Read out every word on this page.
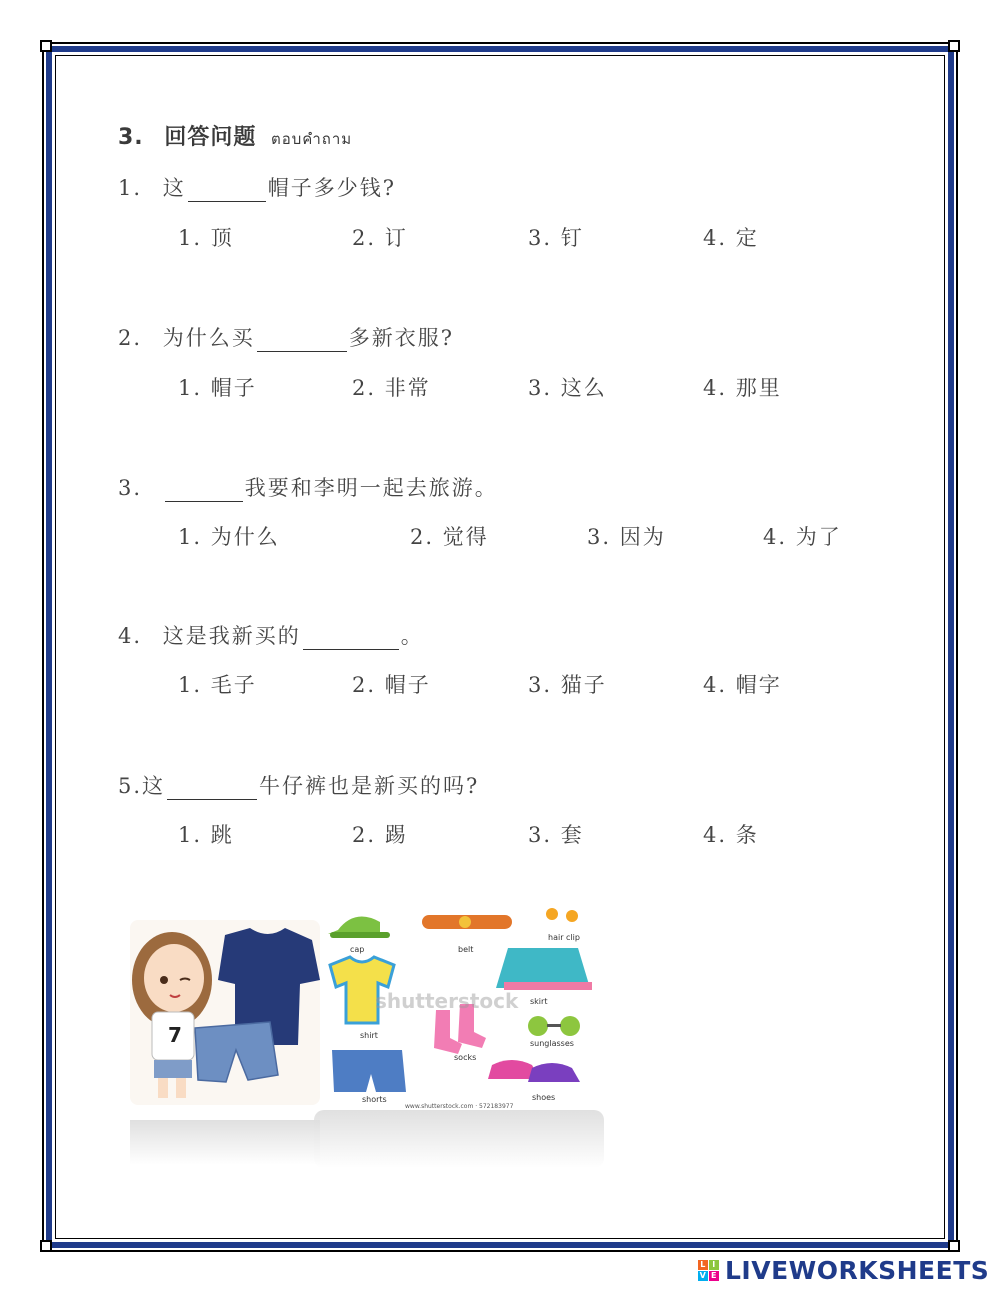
3. 回答问题 ตอบคำถาม
1. 这	帽子多少钱?
1. 顶	2. 订	3. 钉	4. 定
2. 为什么买	多新衣服?
1. 帽子	2. 非常	3. 这么	4. 那里
3.	我要和李明一起去旅游。
1. 为什么	2. 觉得	3. 因为	4. 为了
4. 这是我新买的	。
1. 毛子	2. 帽子	3. 猫子	4. 帽字
5.这	牛仔裤也是新买的吗?
1. 跳	2. 踢	3. 套	4. 条
7
cap	belt
hair clip
skirt
shirt
socks
sunglasses
shorts	shoes
shutterstock
www.shutterstock.com · 572183977
L I
V E LIVEWORKSHEETS
